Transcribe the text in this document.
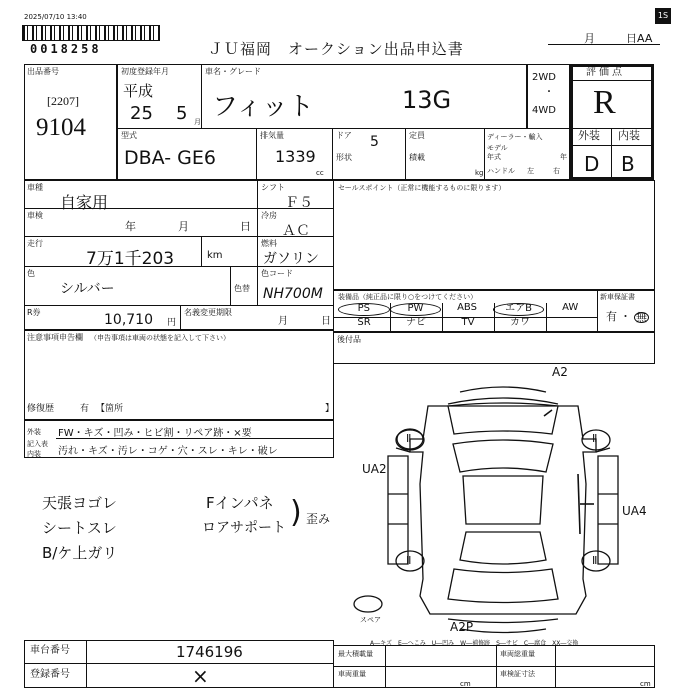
2025/07/10 13:40
0018258	ＪＵ福岡　オークション出品申込書
月	日AA
1S
出品番号
[2207]
9104
初度登録年月
平成
25 5 月
車名・グレード
フィット	13G
2WD
・
4WD
評価点
R
外装 内装
D B
型式
DBA- GE6
排気量
1339
cc
ドア 5
形状
定員
積載
kg
ディーラー・輸入
モデル
年式	年
ハンドル 左	右
車種
自家用
シフト
Ｆ５
車検
年	月	日
冷房
ＡＣ
走行
7万1千203	km
燃料
ガソリン
色
シルバー	色替
色コード
NH700M
R券	10,710 円
名義変更期限
月	日
セールスポイント（正常に機能するものに限ります）
装備品（純正品に限り○をつけてください）
PS	PW	ABS	エアB	AW
SR	ナビ	TV	カワ
新車保証書
有 ・ 無
注意事項申告欄 （申告事項は車両の状態を記入して下さい）
修復歴	有 【箇所	】
後付品
記入表
外装 FW・キズ・凹み・ヒビ割・リペア跡・×要
内装 汚れ・キズ・汚レ・コゲ・穴・スレ・キレ・破レ
天張ヨゴレ
シートスレ
B/ケ上ガリ
Fインパネ
ロアサポート ) 歪み
A2
UA2
UA4
A2P
Ⅱ	Ⅱ
Ⅱ	Ⅱ
スペア
A―キズ　E―へこみ　U―凹み　W―補修跡　S―サビ　C―腐食　XX―交換
車台番号	1746196
登録番号	×
最大積載量	車両総重量
車両重量	車検証寸法
cm	cm
